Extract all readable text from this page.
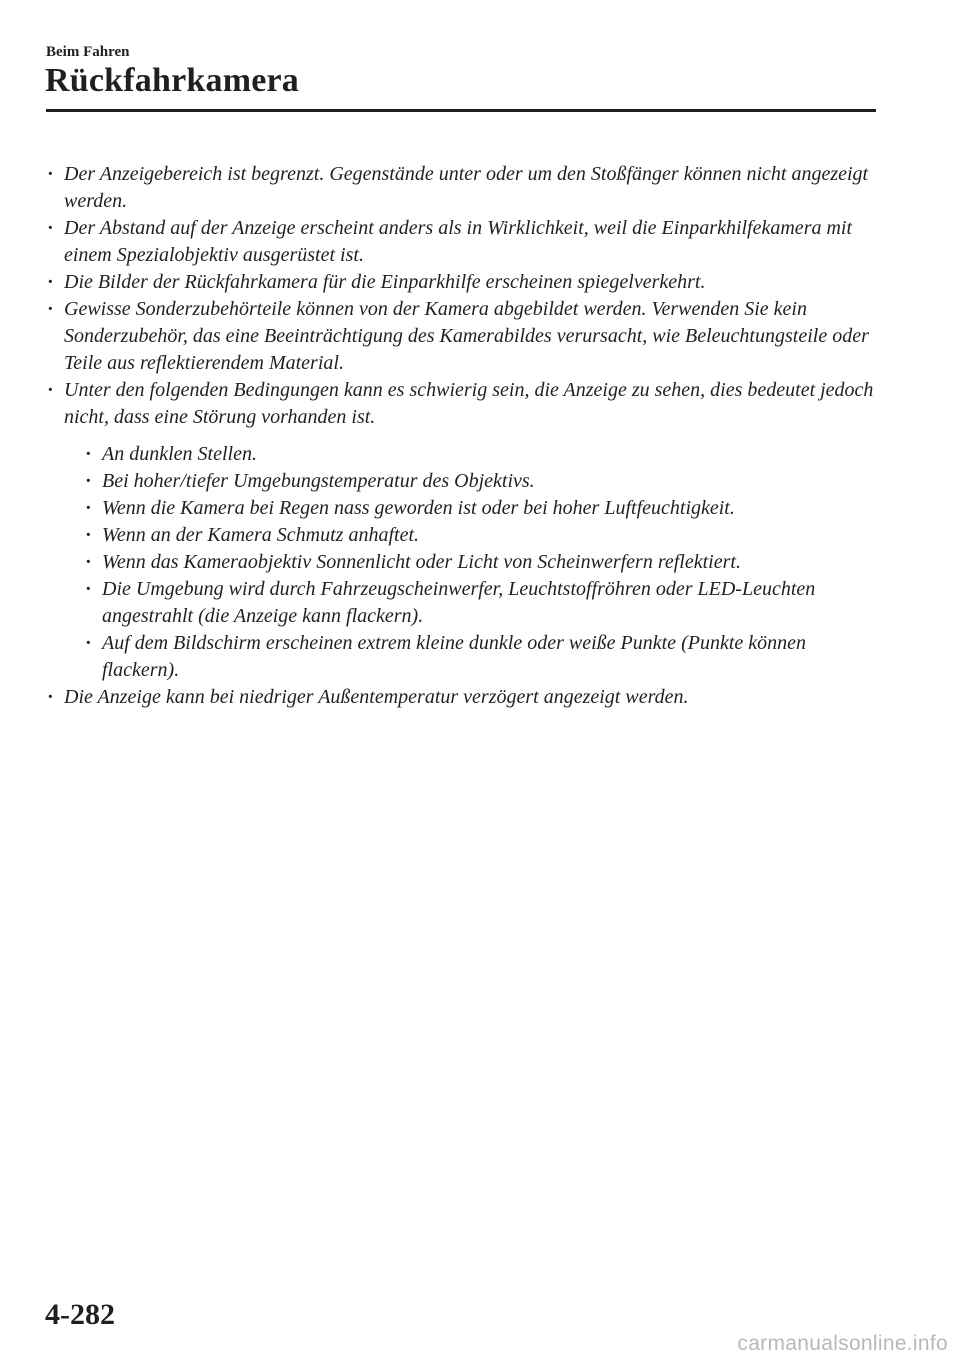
Beim Fahren
Rückfahrkamera
· Der Anzeigebereich ist begrenzt. Gegenstände unter oder um den Stoßfänger können nicht angezeigt werden.
· Der Abstand auf der Anzeige erscheint anders als in Wirklichkeit, weil die Einparkhilfekamera mit einem Spezialobjektiv ausgerüstet ist.
· Die Bilder der Rückfahrkamera für die Einparkhilfe erscheinen spiegelverkehrt.
· Gewisse Sonderzubehörteile können von der Kamera abgebildet werden. Verwenden Sie kein Sonderzubehör, das eine Beeinträchtigung des Kamerabildes verursacht, wie Beleuchtungsteile oder Teile aus reflektierendem Material.
· Unter den folgenden Bedingungen kann es schwierig sein, die Anzeige zu sehen, dies bedeutet jedoch nicht, dass eine Störung vorhanden ist.
· An dunklen Stellen.
· Bei hoher/tiefer Umgebungstemperatur des Objektivs.
· Wenn die Kamera bei Regen nass geworden ist oder bei hoher Luftfeuchtigkeit.
· Wenn an der Kamera Schmutz anhaftet.
· Wenn das Kameraobjektiv Sonnenlicht oder Licht von Scheinwerfern reflektiert.
· Die Umgebung wird durch Fahrzeugscheinwerfer, Leuchtstoffröhren oder LED-Leuchten angestrahlt (die Anzeige kann flackern).
· Auf dem Bildschirm erscheinen extrem kleine dunkle oder weiße Punkte (Punkte können flackern).
· Die Anzeige kann bei niedriger Außentemperatur verzögert angezeigt werden.
4-282
carmanualsonline.info
